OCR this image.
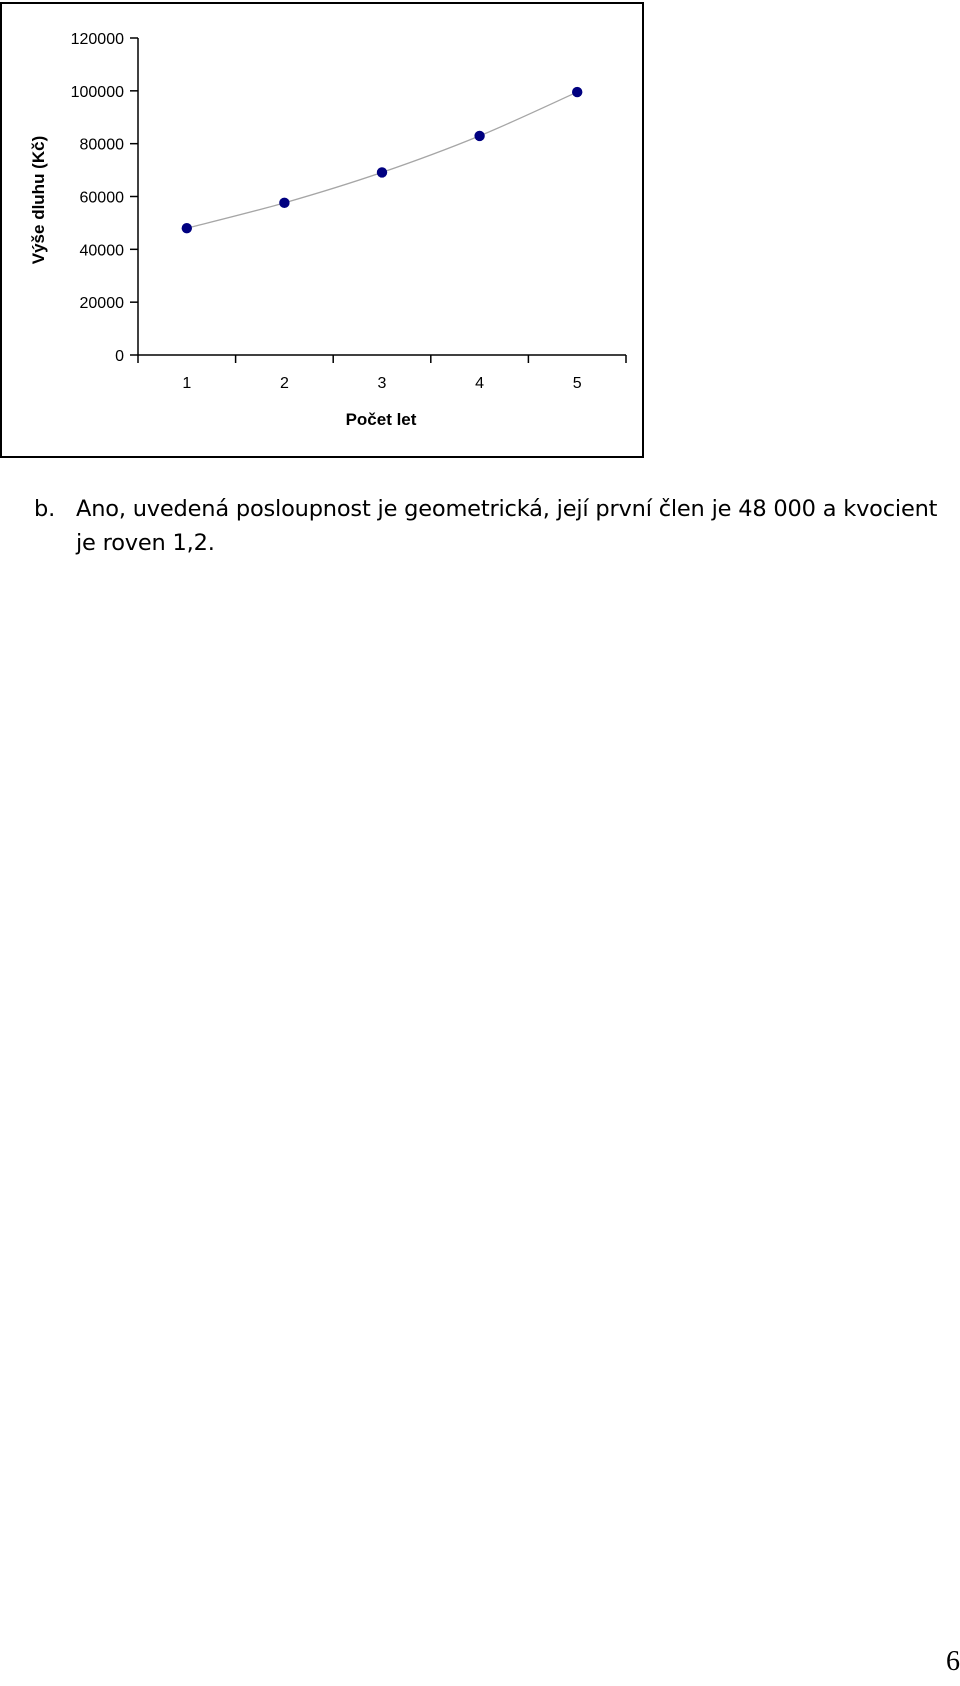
0
20000
40000
60000
80000
100000
120000
1	2	3	4	5
Výše dluhu (Kč)
Počet let
b. Ano, uvedená posloupnost je geometrická, její první člen je 48 000 a kvocient
je roven 1,2.
6
